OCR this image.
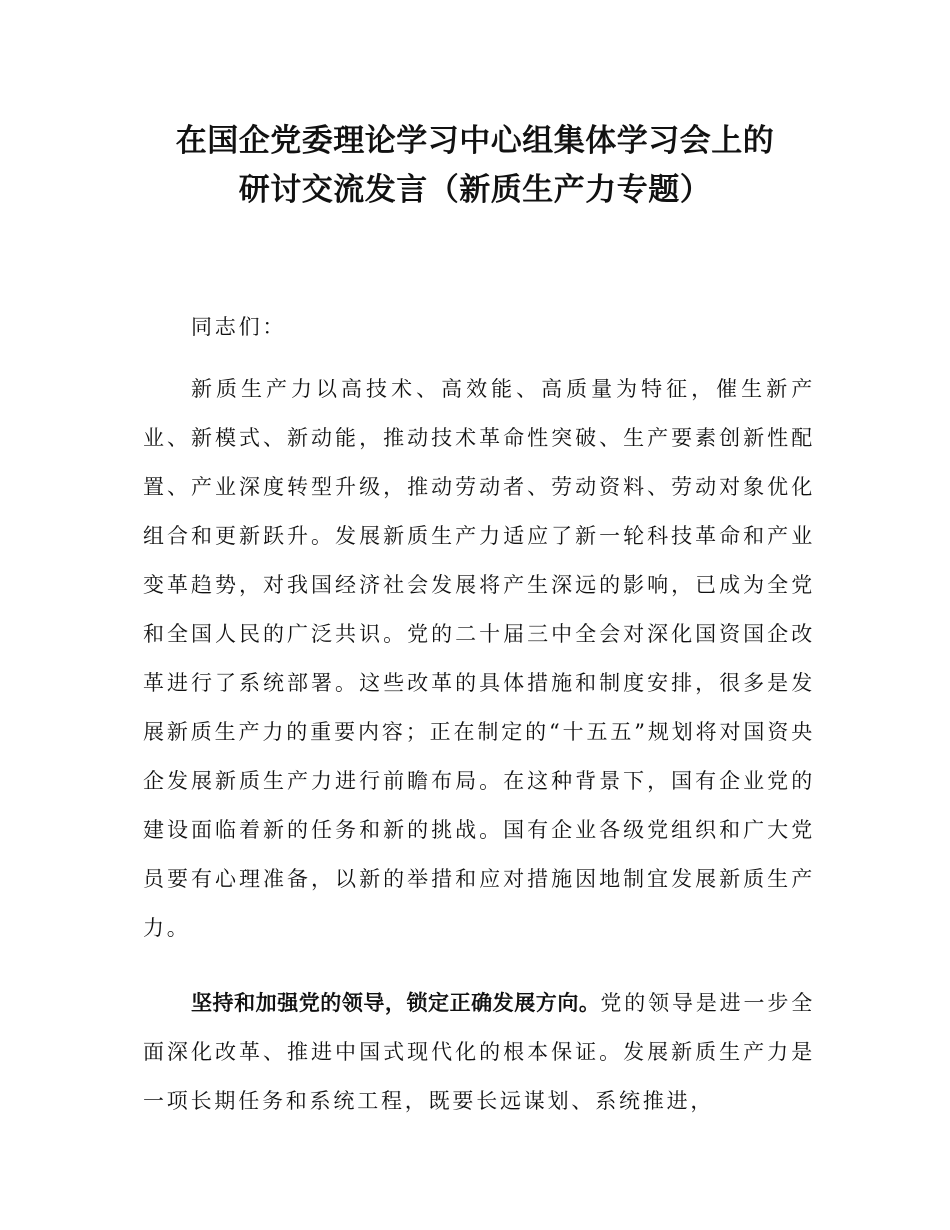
在国企党委理论学习中心组集体学习会上的
研讨交流发言（新质生产力专题）

同志们：

新质生产力以高技术、高效能、高质量为特征，催生新产业、新模式、新动能，推动技术革命性突破、生产要素创新性配置、产业深度转型升级，推动劳动者、劳动资料、劳动对象优化组合和更新跃升。发展新质生产力适应了新一轮科技革命和产业变革趋势，对我国经济社会发展将产生深远的影响，已成为全党和全国人民的广泛共识。党的二十届三中全会对深化国资国企改革进行了系统部署。这些改革的具体措施和制度安排，很多是发展新质生产力的重要内容；正在制定的“十五五”规划将对国资央企发展新质生产力进行前瞻布局。在这种背景下，国有企业党的建设面临着新的任务和新的挑战。国有企业各级党组织和广大党员要有心理准备，以新的举措和应对措施因地制宜发展新质生产力。

坚持和加强党的领导，锁定正确发展方向。党的领导是进一步全面深化改革、推进中国式现代化的根本保证。发展新质生产力是一项长期任务和系统工程，既要长远谋划、系统推进，
